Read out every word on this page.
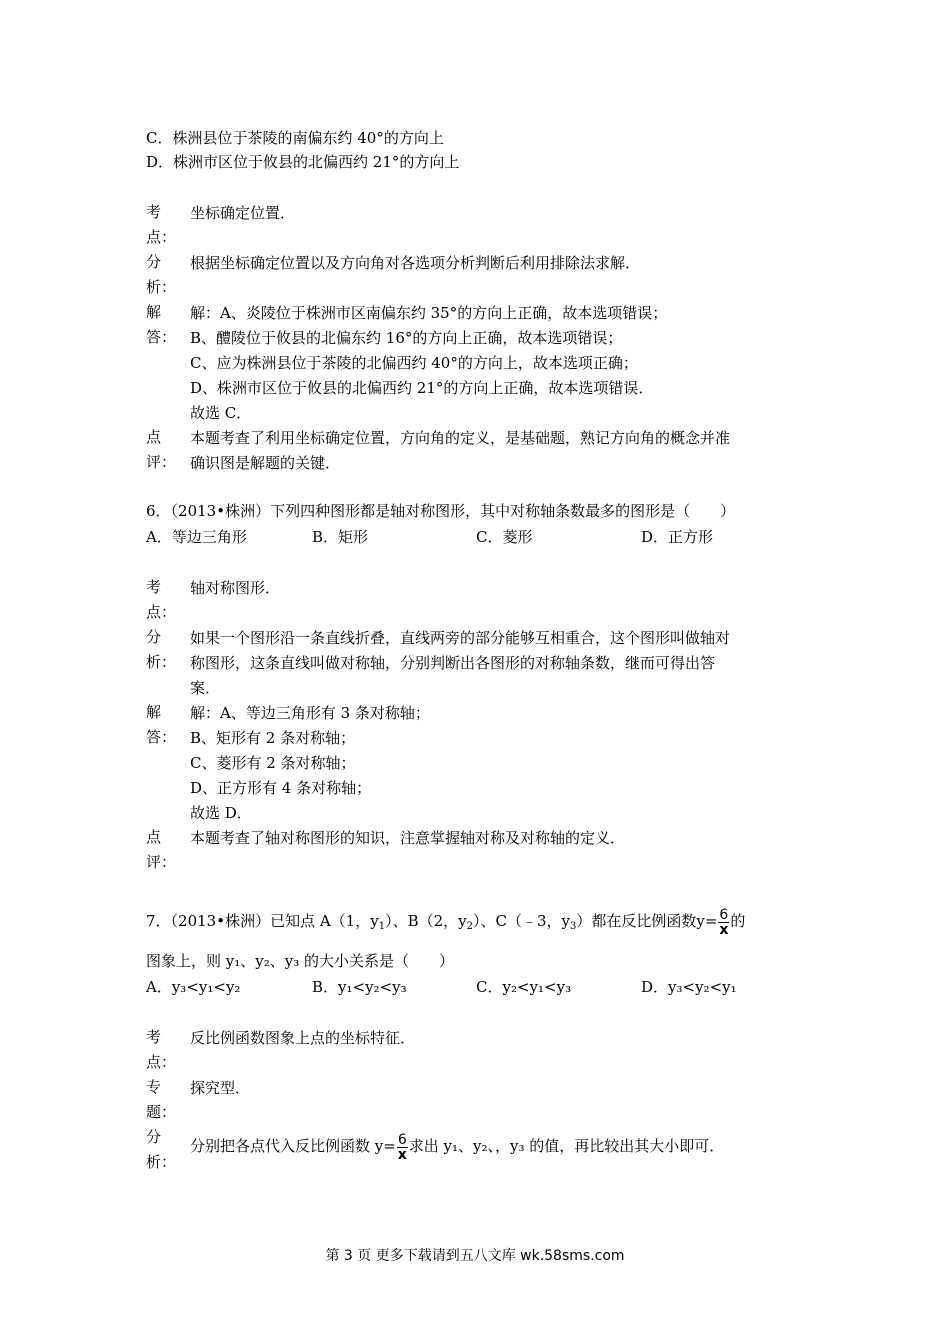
C．株洲县位于茶陵的南偏东约 40°的方向上
D．株洲市区位于攸县的北偏西约 21°的方向上
考
点：
坐标确定位置．
分
析：
根据坐标确定位置以及方向角对各选项分析判断后利用排除法求解．
解
答：
解：A、炎陵位于株洲市区南偏东约 35°的方向上正确，故本选项错误；
B、醴陵位于攸县的北偏东约 16°的方向上正确，故本选项错误；
C、应为株洲县位于茶陵的北偏西约 40°的方向上，故本选项正确；
D、株洲市区位于攸县的北偏西约 21°的方向上正确，故本选项错误．
故选 C．
点
评：
本题考查了利用坐标确定位置，方向角的定义，是基础题，熟记方向角的概念并准
确识图是解题的关键．
6．（2013•株洲）下列四种图形都是轴对称图形，其中对称轴条数最多的图形是（　　）
A．等边三角形	B．矩形	C．菱形	D．正方形
考
点：
轴对称图形．
分
析：
如果一个图形沿一条直线折叠，直线两旁的部分能够互相重合，这个图形叫做轴对
称图形，这条直线叫做对称轴，分别判断出各图形的对称轴条数，继而可得出答
案．
解
答：
解：A、等边三角形有 3 条对称轴；
B、矩形有 2 条对称轴；
C、菱形有 2 条对称轴；
D、正方形有 4 条对称轴；
故选 D．
点
评：
本题考查了轴对称图形的知识，注意掌握轴对称及对称轴的定义．
7．（2013•株洲）已知点 A（1，$y_1$）、B（2，$y_2$）、C（﹣3，$y_3$）都在反比例函数$y= \frac{6}{x}$ 的
图象上，则 y₁、y₂、y₃ 的大小关系是（　　）
A．y₃<y₁<y₂	B．y₁<y₂<y₃	C．y₂<y₁<y₃	D．y₃<y₂<y₁
考
点：
反比例函数图象上点的坐标特征．
专
题：
探究型．
分
析：
分别把各点代入反比例函数 $y= \frac{6}{x}$ 求出 y₁、y₂、，y₃ 的值，再比较出其大小即可．
第 3 页 更多下载请到五八文库 wk.58sms.com
